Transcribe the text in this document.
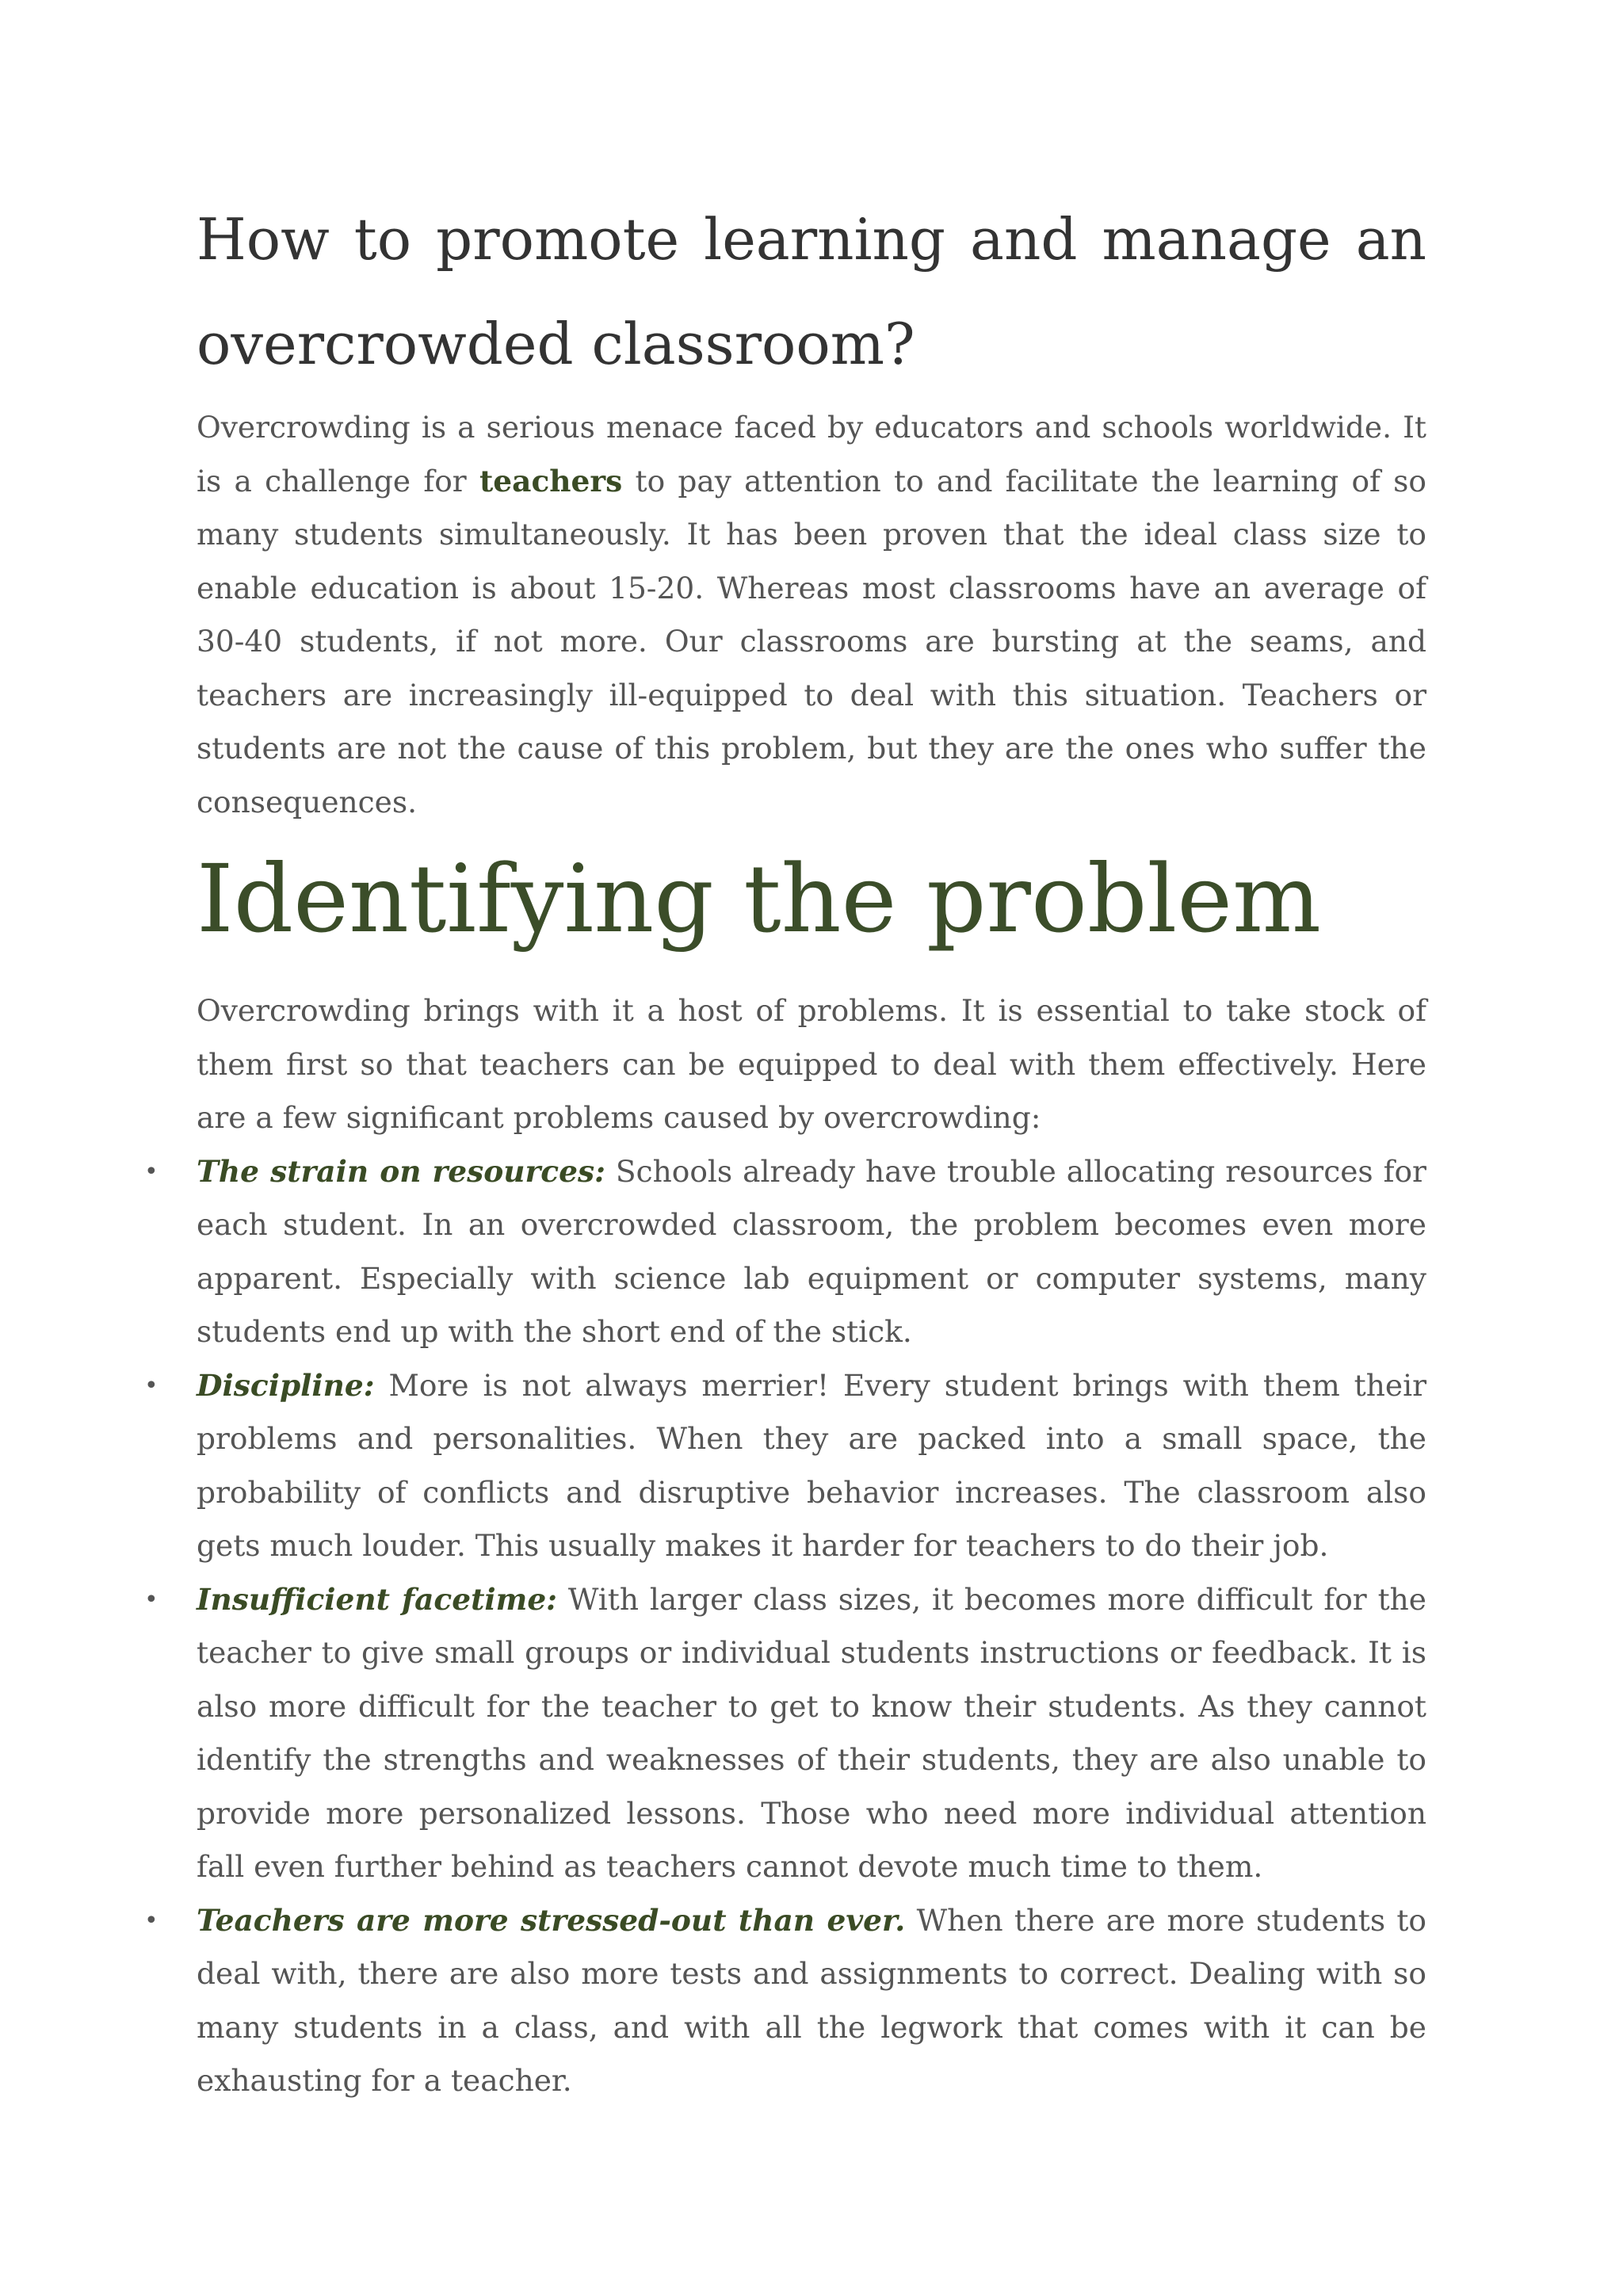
How to promote learning and manage an overcrowded classroom?

Overcrowding is a serious menace faced by educators and schools worldwide. It is a challenge for teachers to pay attention to and facilitate the learning of so many students simultaneously. It has been proven that the ideal class size to enable education is about 15-20. Whereas most classrooms have an average of 30-40 students, if not more. Our classrooms are bursting at the seams, and teachers are increasingly ill-equipped to deal with this situation. Teachers or students are not the cause of this problem, but they are the ones who suffer the consequences.

Identifying the problem

Overcrowding brings with it a host of problems. It is essential to take stock of them first so that teachers can be equipped to deal with them effectively. Here are a few significant problems caused by overcrowding:

• The strain on resources: Schools already have trouble allocating resources for each student. In an overcrowded classroom, the problem becomes even more apparent. Especially with science lab equipment or computer systems, many students end up with the short end of the stick.
• Discipline: More is not always merrier! Every student brings with them their problems and personalities. When they are packed into a small space, the probability of conflicts and disruptive behavior increases. The classroom also gets much louder. This usually makes it harder for teachers to do their job.
• Insufficient facetime: With larger class sizes, it becomes more difficult for the teacher to give small groups or individual students instructions or feedback. It is also more difficult for the teacher to get to know their students. As they cannot identify the strengths and weaknesses of their students, they are also unable to provide more personalized lessons. Those who need more individual attention fall even further behind as teachers cannot devote much time to them.
• Teachers are more stressed-out than ever. When there are more students to deal with, there are also more tests and assignments to correct. Dealing with so many students in a class, and with all the legwork that comes with it can be exhausting for a teacher.
